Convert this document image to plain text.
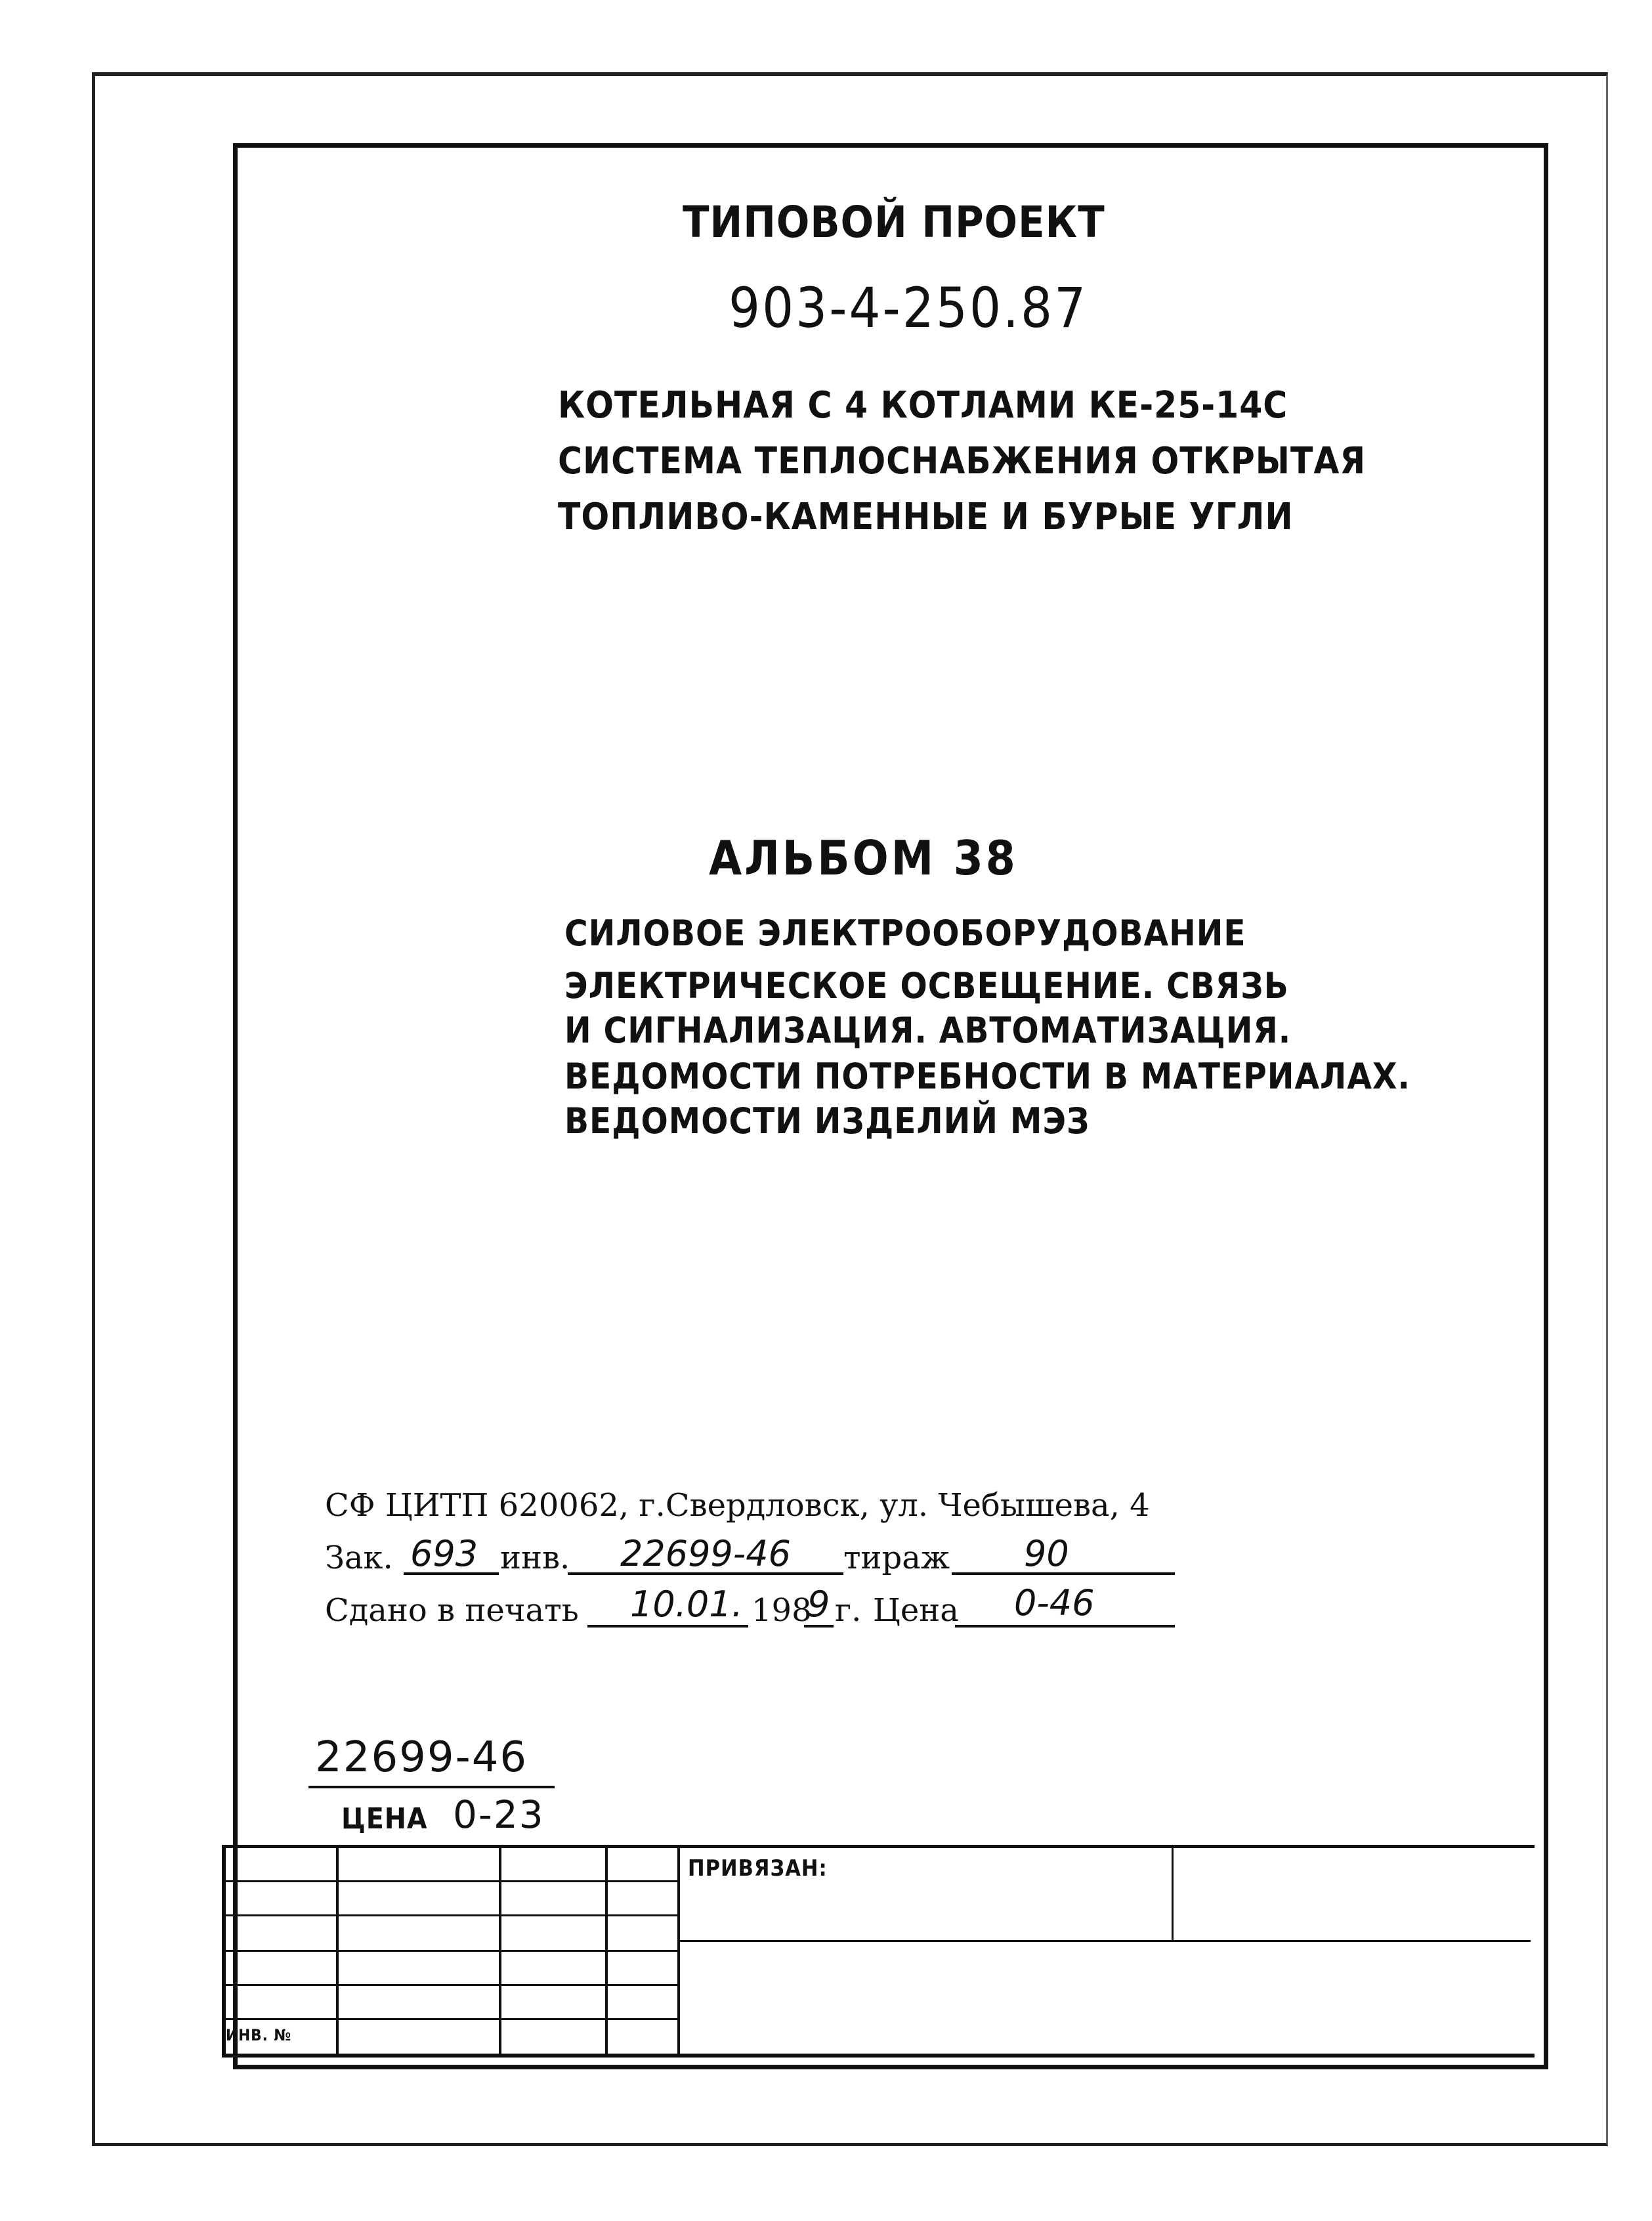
ТИПОВОЙ ПРОЕКТ
903-4-250.87
КОТЕЛЬНАЯ С 4 КОТЛАМИ КЕ-25-14С
СИСТЕМА ТЕПЛОСНАБЖЕНИЯ ОТКРЫТАЯ
ТОПЛИВО-КАМЕННЫЕ И БУРЫЕ УГЛИ
АЛЬБОМ 38
СИЛОВОЕ ЭЛЕКТРООБОРУДОВАНИЕ
ЭЛЕКТРИЧЕСКОЕ ОСВЕЩЕНИЕ. СВЯЗЬ
И СИГНАЛИЗАЦИЯ. АВТОМАТИЗАЦИЯ.
ВЕДОМОСТИ ПОТРЕБНОСТИ В МАТЕРИАЛАХ.
ВЕДОМОСТИ ИЗДЕЛИЙ МЭЗ
СФ ЦИТП 620062, г.Свердловск, ул. Чебышева, 4
Зак. 693 инв. 22699-46 тираж 90
Сдано в печать 10.01. 198
9 г. Цена 0-46
22699-46
ЦЕНА 0-23
ПРИВЯЗАН:
ИНВ. №
